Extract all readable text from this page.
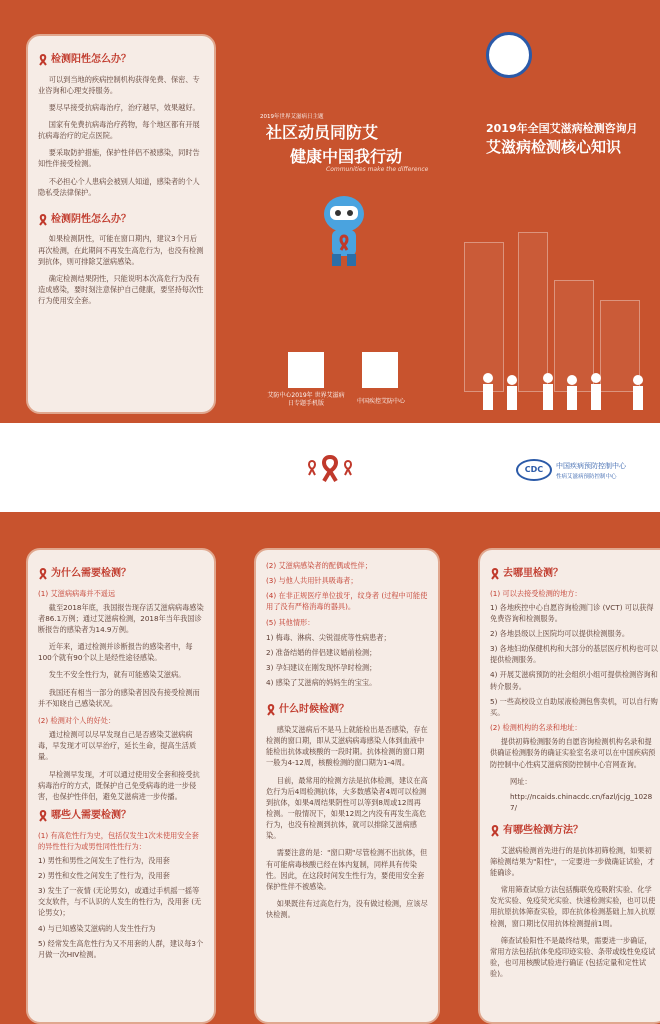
检测阳性怎么办？

可以到当地的疾病控制机构获得免费、保密、专业咨询和心理支持服务。

要尽早接受抗病毒治疗，治疗越早，效果越好。

国家有免费抗病毒治疗药物，每个地区都有开展抗病毒治疗的定点医院。

要采取防护措施，保护性伴侣不被感染，同时告知性伴接受检测。

不必担心个人患病会被别人知道，感染者的个人隐私受法律保护。

检测阴性怎么办？

如果检测阴性，可能在窗口期内，建议3个月后再次检测，在此期间不再发生高危行为，也没有检测到抗体，则可排除艾滋病感染。

确定检测结果阴性，只能说明本次高危行为没有造成感染，要时刻注意保护自己健康，要坚持每次性行为使用安全套。

2019年世界艾滋病日主题
社区动员同防艾
健康中国我行动
Communities make the difference
艾防中心2019年 世界艾滋病日专题手机版	中国疾控艾防中心
2019年全国艾滋病检测咨询月
艾滋病检测核心知识
CDC	中国疾病预防控制中心
性病艾滋病预防控制中心
为什么需要检测？
(1) 艾滋病病毒并不遥远

截至2018年底，我国报告现存活艾滋病病毒感染者86.1万例；通过艾滋病检测，2018年当年我国诊断报告的感染者为14.9万例。

近年来，通过检测并诊断报告的感染者中，每100个就有90个以上是经性途径感染。

发生不安全性行为，就有可能感染艾滋病。

我国还有相当一部分的感染者因没有接受检测而并不知晓自己感染状况。

(2) 检测对个人的好处：

通过检测可以尽早发现自己是否感染艾滋病病毒，早发现才可以早治疗，延长生命，提高生活质量。

早检测早发现，才可以通过使用安全套和接受抗病毒治疗的方式，既保护自己免受病毒的进一步侵害，也保护性伴侣，避免艾滋病进一步传播。

哪些人需要检测？
(1) 有高危性行为史，包括仅发生1次未使用安全套的异性性行为或男性同性性行为：
1) 男性和男性之间发生了性行为，没用套
2) 男性和女性之间发生了性行为，没用套
3) 发生了一夜情 (无论男女)，或通过手机摇一摇等交友软件，与不认识的人发生的性行为，没用套 (无论男女)；
4) 与已知感染艾滋病的人发生性行为
5) 经常发生高危性行为又不用套的人群，建议每3个月做一次HIV检测。
(2) 艾滋病感染者的配偶或性伴；
(3) 与他人共用针具吸毒者；
(4) 在非正规医疗单位拔牙，纹身者 (过程中可能使用了没有严格消毒的器具)。
(5) 其他情形：
1) 梅毒、淋病、尖锐湿疣等性病患者；
2) 准备结婚的伴侣建议婚前检测；
3) 孕妇建议在刚发现怀孕时检测；
4) 感染了艾滋病的妈妈生的宝宝。
什么时候检测？

感染艾滋病后不是马上就能检出是否感染，存在检测的窗口期，即从艾滋病病毒感染人体到血液中能检出抗体或核酸的一段时期。抗体检测的窗口期一般为4-12周，核酸检测的窗口期为1-4周。

目前，最常用的检测方法是抗体检测，建议在高危行为后4周检测抗体，大多数感染者4周可以检测到抗体，如果4周结果阴性可以等到8周或12周再检测。一般情况下，如果12周之内没有再发生高危行为，也没有检测到抗体，就可以排除艾滋病感染。

需要注意的是："窗口期"尽管检测不出抗体，但有可能病毒核酸已经在体内复制，同样具有传染性。因此，在这段时间发生性行为，要使用安全套保护性伴不被感染。

如果既往有过高危行为，没有做过检测，应该尽快检测。

去哪里检测？
(1) 可以去接受检测的地方：
1) 各地疾控中心自愿咨询检测门诊 (VCT) 可以获得免费咨询和检测服务。
2) 各地县级以上医院均可以提供检测服务。
3) 各地妇幼保健机构和大部分的基层医疗机构也可以提供检测服务。
4) 开展艾滋病预防的社会组织小组可提供检测咨询和转介服务。
5) 一些高校设立自助尿液检测包售卖机，可以自行购买。
(2) 检测机构的名录和地址：

提供初筛检测服务的自愿咨询检测机构名录和提供确证检测服务的确证实验室名录可以在中国疾病预防控制中心性病艾滋病预防控制中心官网查询。

网址：
http://ncaids.chinacdc.cn/fazl/jcjg_10287/
有哪些检测方法？

艾滋病检测首先进行的是抗体初筛检测，如果初筛检测结果为"阳性"，一定要进一步做确证试验，才能确诊。

常用筛查试验方法包括酶联免疫吸附实验、化学发光实验、免疫荧光实验、快速检测实验，也可以使用抗原抗体筛查实验，即在抗体检测基础上加入抗原检测，窗口期比仅用抗体检测提前1周。

筛查试验阳性不是最终结果，需要进一步确证，常用方法包括抗体免疫印迹实验、条带或线性免疫试验，也可用核酸试验进行确证 (包括定量和定性试验)。
